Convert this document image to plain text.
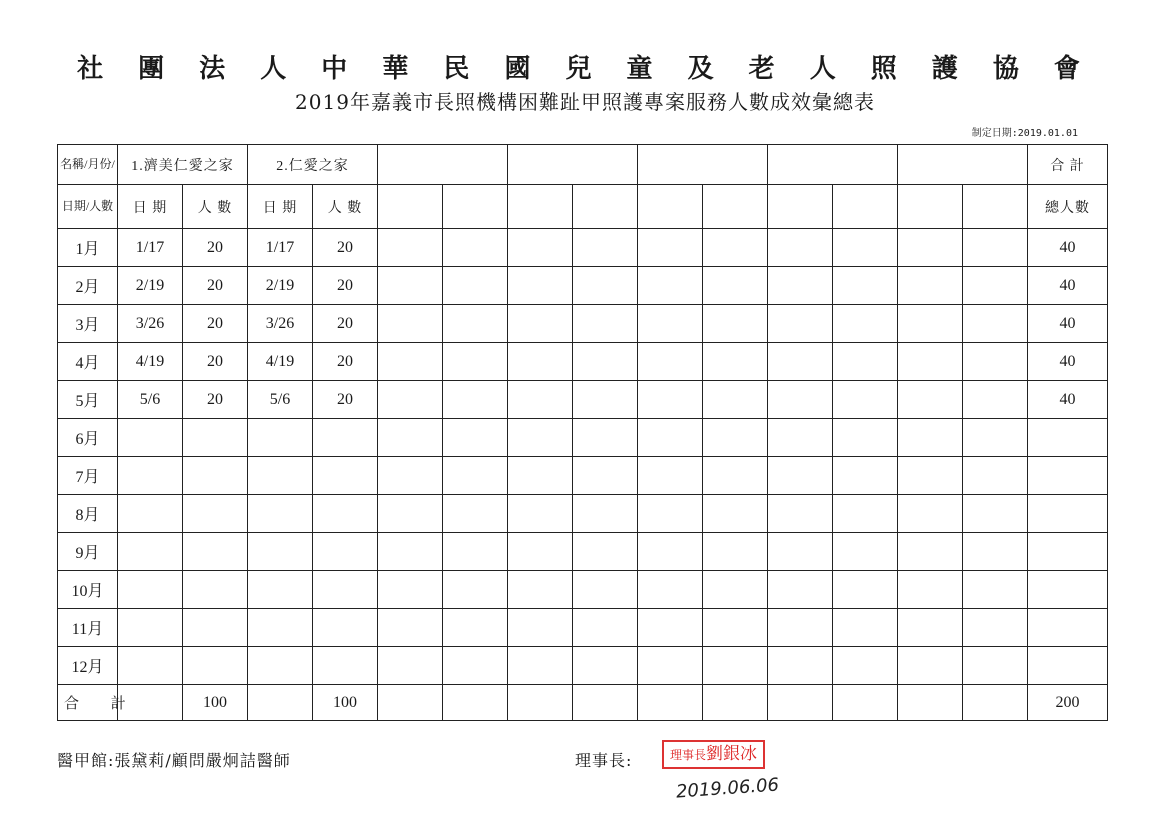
社 團 法 人 中 華 民 國 兒 童 及 老 人 照 護 協 會
2019年嘉義市長照機構困難趾甲照護專案服務人數成效彙總表
制定日期:2019.01.01
名稱/月份/	1.濟美仁愛之家		2.仁愛之家												合 計
日期/人數	日 期	人 數	日 期	人 數											總人數
1月	1/17	20	1/17	20											40
2月	2/19	20	2/19	20											40
3月	3/26	20	3/26	20											40
4月	4/19	20	4/19	20											40
5月	5/6	20	5/6	20											40
6月															
7月															
8月															
9月															
10月															
11月															
12月															
合 計		100		100											200
醫甲館:張黛莉/顧問嚴炯詰醫師	理事長:	理事長劉銀冰
2019.06.06
